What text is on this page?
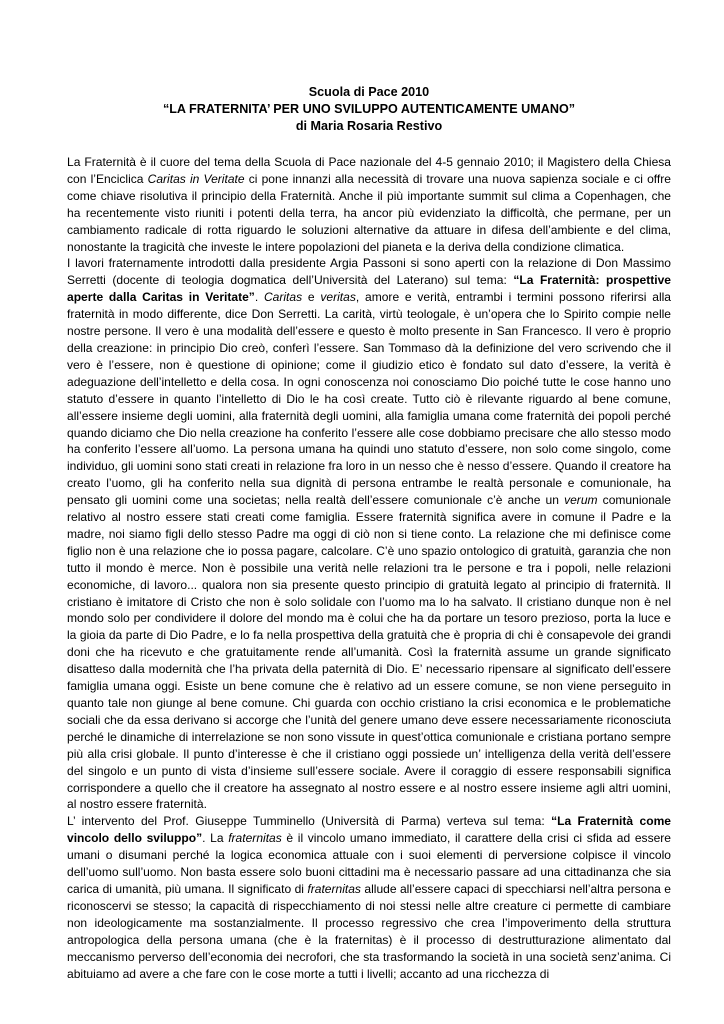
Scuola di Pace 2010
“LA FRATERNITA’ PER UNO SVILUPPO AUTENTICAMENTE UMANO”
di Maria Rosaria Restivo

La Fraternità è il cuore del tema della Scuola di Pace nazionale del 4-5 gennaio 2010; il Magistero della Chiesa con l’Enciclica Caritas in Veritate ci pone innanzi alla necessità di trovare una nuova sapienza sociale e ci offre come chiave risolutiva il principio della Fraternità. Anche il più importante summit sul clima a Copenhagen, che ha recentemente visto riuniti i potenti della terra, ha ancor più evidenziato la difficoltà, che permane, per un cambiamento radicale di rotta riguardo le soluzioni alternative da attuare in difesa dell’ambiente e del clima, nonostante la tragicità che investe le intere popolazioni del pianeta e la deriva della condizione climatica.

I lavori fraternamente introdotti dalla presidente Argia Passoni si sono aperti con la relazione di Don Massimo Serretti (docente di teologia dogmatica dell’Università del Laterano) sul tema: “La Fraternità: prospettive aperte dalla Caritas in Veritate”. Caritas e veritas, amore e verità, entrambi i termini possono riferirsi alla fraternità in modo differente, dice Don Serretti. La carità, virtù teologale, è un’opera che lo Spirito compie nelle nostre persone. Il vero è una modalità dell’essere e questo è molto presente in San Francesco. Il vero è proprio della creazione: in principio Dio creò, conferì l’essere. San Tommaso dà la definizione del vero scrivendo che il vero è l’essere, non è questione di opinione; come il giudizio etico è fondato sul dato d’essere, la verità è adeguazione dell’intelletto e della cosa. In ogni conoscenza noi conosciamo Dio poiché tutte le cose hanno uno statuto d’essere in quanto l’intelletto di Dio le ha così create. Tutto ciò è rilevante riguardo al bene comune, all’essere insieme degli uomini, alla fraternità degli uomini, alla famiglia umana come fraternità dei popoli perché quando diciamo che Dio nella creazione ha conferito l’essere alle cose dobbiamo precisare che allo stesso modo ha conferito l’essere all’uomo. La persona umana ha quindi uno statuto d’essere, non solo come singolo, come individuo, gli uomini sono stati creati in relazione fra loro in un nesso che è nesso d’essere. Quando il creatore ha creato l’uomo, gli ha conferito nella sua dignità di persona entrambe le realtà personale e comunionale, ha pensato gli uomini come una societas; nella realtà dell’essere comunionale c’è anche un verum comunionale relativo al nostro essere stati creati come famiglia. Essere fraternità significa avere in comune il Padre e la madre, noi siamo figli dello stesso Padre ma oggi di ciò non si tiene conto. La relazione che mi definisce come figlio non è una relazione che io possa pagare, calcolare. C’è uno spazio ontologico di gratuità, garanzia che non tutto il mondo è merce. Non è possibile una verità nelle relazioni tra le persone e tra i popoli, nelle relazioni economiche, di lavoro... qualora non sia presente questo principio di gratuità legato al principio di fraternità. Il cristiano è imitatore di Cristo che non è solo solidale con l’uomo ma lo ha salvato. Il cristiano dunque non è nel mondo solo per condividere il dolore del mondo ma è colui che ha da portare un tesoro prezioso, porta la luce e la gioia da parte di Dio Padre, e lo fa nella prospettiva della gratuità che è propria di chi è consapevole dei grandi doni che ha ricevuto e che gratuitamente rende all’umanità. Così la fraternità assume un grande significato disatteso dalla modernità che l’ha privata della paternità di Dio. E’ necessario ripensare al significato dell’essere famiglia umana oggi. Esiste un bene comune che è relativo ad un essere comune, se non viene perseguito in quanto tale non giunge al bene comune. Chi guarda con occhio cristiano la crisi economica e le problematiche sociali che da essa derivano si accorge che l’unità del genere umano deve essere necessariamente riconosciuta perché le dinamiche di interrelazione se non sono vissute in quest’ottica comunionale e cristiana portano sempre più alla crisi globale. Il punto d’interesse è che il cristiano oggi possiede un’ intelligenza della verità dell’essere del singolo e un punto di vista d’insieme sull’essere sociale. Avere il coraggio di essere responsabili significa corrispondere a quello che il creatore ha assegnato al nostro essere e al nostro essere insieme agli altri uomini, al nostro essere fraternità.

L’ intervento del Prof. Giuseppe Tumminello (Università di Parma) verteva sul tema: “La Fraternità come vincolo dello sviluppo”. La fraternitas è il vincolo umano immediato, il carattere della crisi ci sfida ad essere umani o disumani perché la logica economica attuale con i suoi elementi di perversione colpisce il vincolo dell’uomo sull’uomo. Non basta essere solo buoni cittadini ma è necessario passare ad una cittadinanza che sia carica di umanità, più umana. Il significato di fraternitas allude all’essere capaci di specchiarsi nell’altra persona e riconoscervi se stesso; la capacità di rispecchiamento di noi stessi nelle altre creature ci permette di cambiare non ideologicamente ma sostanzialmente. Il processo regressivo che crea l’impoverimento della struttura antropologica della persona umana (che è la fraternitas) è il processo di destrutturazione alimentato dal meccanismo perverso dell’economia dei necrofori, che sta trasformando la società in una società senz’anima. Ci abituiamo ad avere a che fare con le cose morte a tutti i livelli; accanto ad una ricchezza di
